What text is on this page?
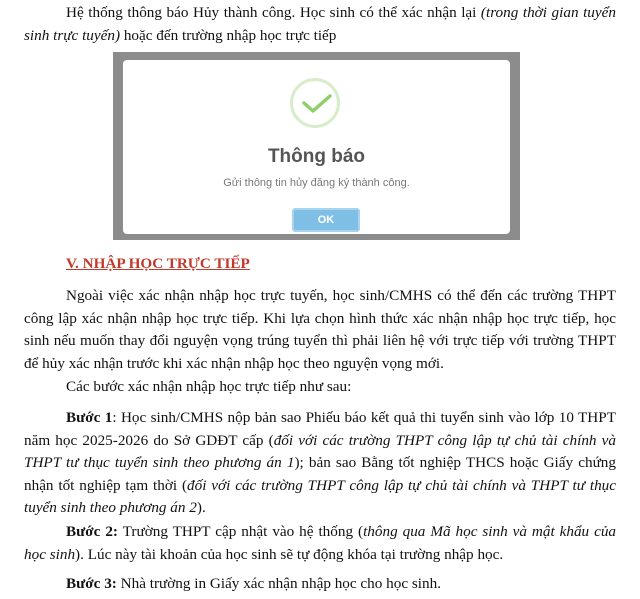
Hệ thống thông báo Hủy thành công. Học sinh có thể xác nhận lại (trong thời gian tuyển sinh trực tuyến) hoặc đến trường nhập học trực tiếp

Thông báo
Gửi thông tin hủy đăng ký thành công.
OK

V. NHẬP HỌC TRỰC TIẾP

Ngoài việc xác nhận nhập học trực tuyến, học sinh/CMHS có thể đến các trường THPT công lập xác nhận nhập học trực tiếp. Khi lựa chọn hình thức xác nhận nhập học trực tiếp, học sinh nếu muốn thay đổi nguyện vọng trúng tuyển thì phải liên hệ với trực tiếp với trường THPT để hủy xác nhận trước khi xác nhận nhập học theo nguyện vọng mới.

Các bước xác nhận nhập học trực tiếp như sau:

Bước 1: Học sinh/CMHS nộp bản sao Phiếu báo kết quả thi tuyển sinh vào lớp 10 THPT năm học 2025-2026 do Sở GDĐT cấp (đối với các trường THPT công lập tự chủ tài chính và THPT tư thục tuyển sinh theo phương án 1); bản sao Bằng tốt nghiệp THCS hoặc Giấy chứng nhận tốt nghiệp tạm thời (đối với các trường THPT công lập tự chủ tài chính và THPT tư thục tuyển sinh theo phương án 2).

Bước 2: Trường THPT cập nhật vào hệ thống (thông qua Mã học sinh và mật khẩu của học sinh). Lúc này tài khoản của học sinh sẽ tự động khóa tại trường nhập học.

Bước 3: Nhà trường in Giấy xác nhận nhập học cho học sinh.
